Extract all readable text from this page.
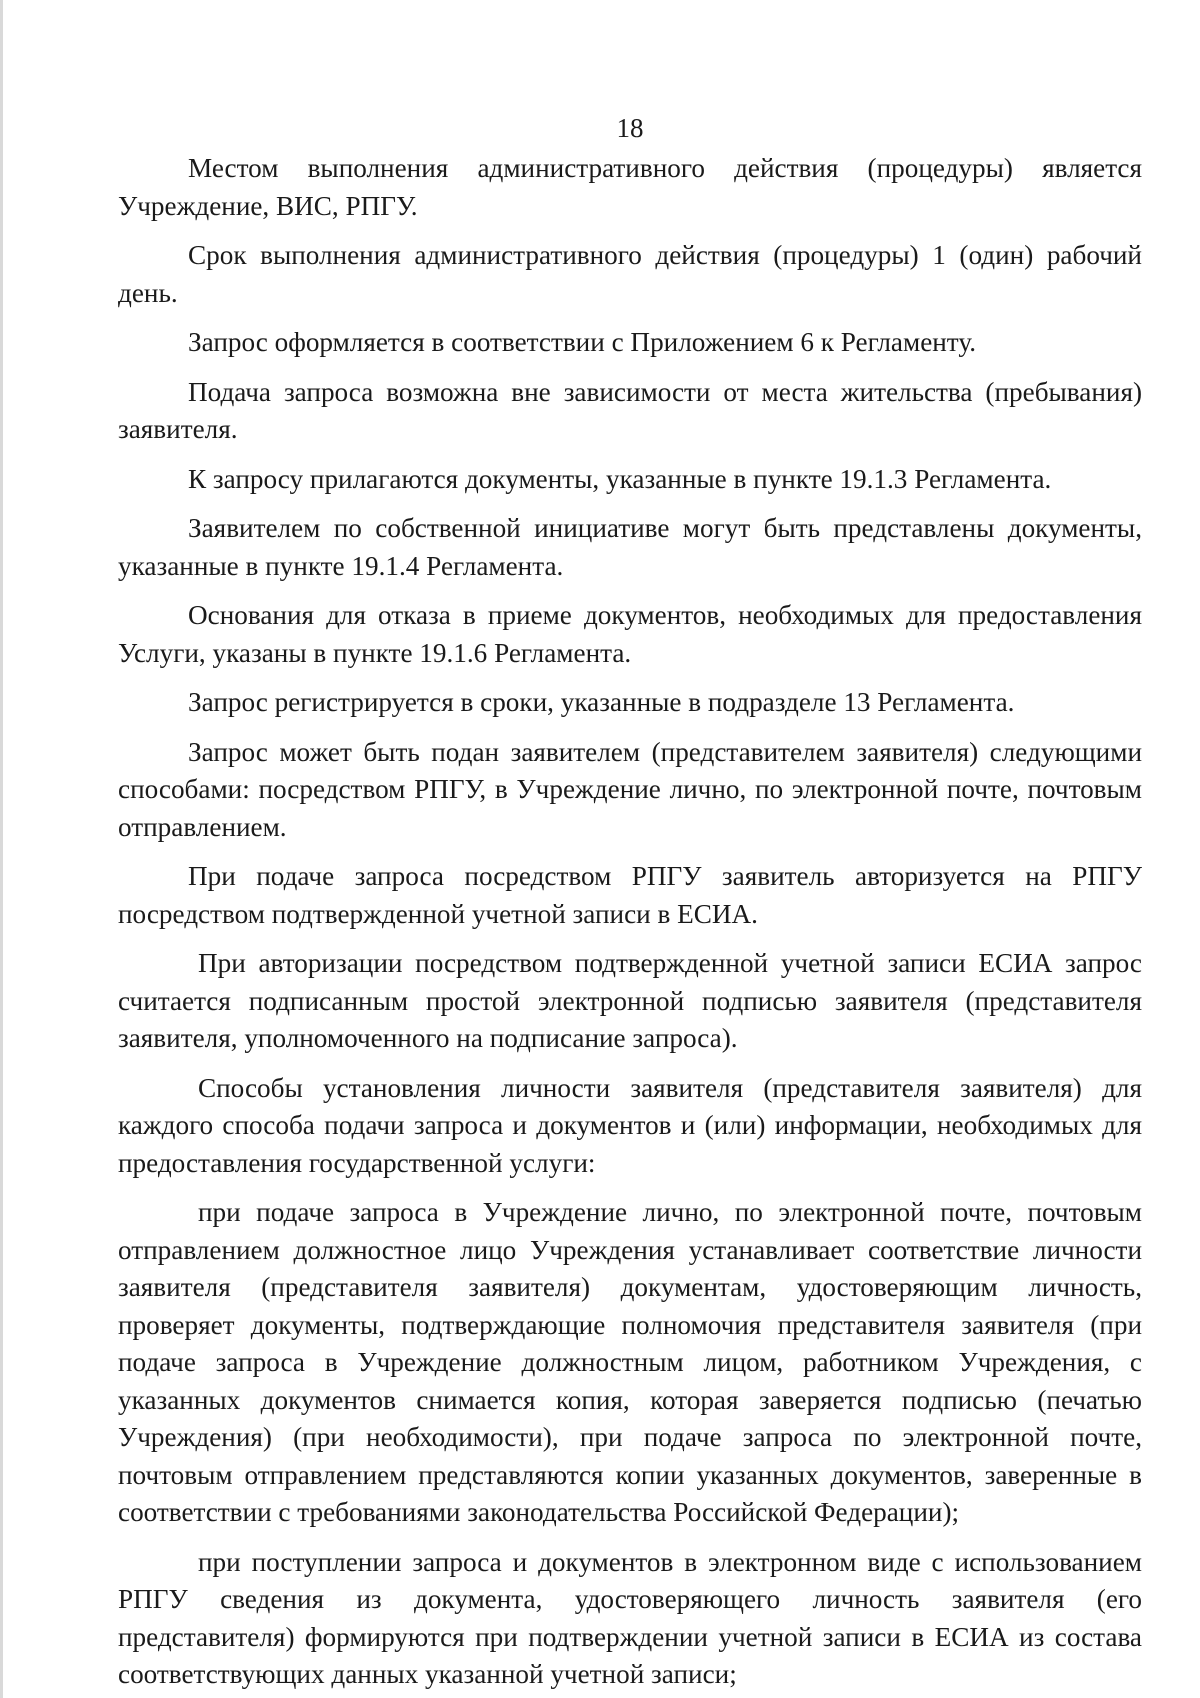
18

Местом выполнения административного действия (процедуры) является Учреждение, ВИС, РПГУ.

Срок выполнения административного действия (процедуры) 1 (один) рабочий день.

Запрос оформляется в соответствии с Приложением 6 к Регламенту.

Подача запроса возможна вне зависимости от места жительства (пребывания) заявителя.

К запросу прилагаются документы, указанные в пункте 19.1.3 Регламента.

Заявителем по собственной инициативе могут быть представлены документы, указанные в пункте 19.1.4 Регламента.

Основания для отказа в приеме документов, необходимых для предоставления Услуги, указаны в пункте 19.1.6 Регламента.

Запрос регистрируется в сроки, указанные в подразделе 13 Регламента.

Запрос может быть подан заявителем (представителем заявителя) следующими способами: посредством РПГУ, в Учреждение лично, по электронной почте, почтовым отправлением.

При подаче запроса посредством РПГУ заявитель авторизуется на РПГУ посредством подтвержденной учетной записи в ЕСИА.

При авторизации посредством подтвержденной учетной записи ЕСИА запрос считается подписанным простой электронной подписью заявителя (представителя заявителя, уполномоченного на подписание запроса).

Способы установления личности заявителя (представителя заявителя) для каждого способа подачи запроса и документов и (или) информации, необходимых для предоставления государственной услуги:

при подаче запроса в Учреждение лично, по электронной почте, почтовым отправлением должностное лицо Учреждения устанавливает соответствие личности заявителя (представителя заявителя) документам, удостоверяющим личность, проверяет документы, подтверждающие полномочия представителя заявителя (при подаче запроса в Учреждение должностным лицом, работником Учреждения, с указанных документов снимается копия, которая заверяется подписью (печатью Учреждения) (при необходимости), при подаче запроса по электронной почте, почтовым отправлением представляются копии указанных документов, заверенные в соответствии с требованиями законодательства Российской Федерации);

при поступлении запроса и документов в электронном виде с использованием РПГУ сведения из документа, удостоверяющего личность заявителя (его представителя) формируются при подтверждении учетной записи в ЕСИА из состава соответствующих данных указанной учетной записи;
